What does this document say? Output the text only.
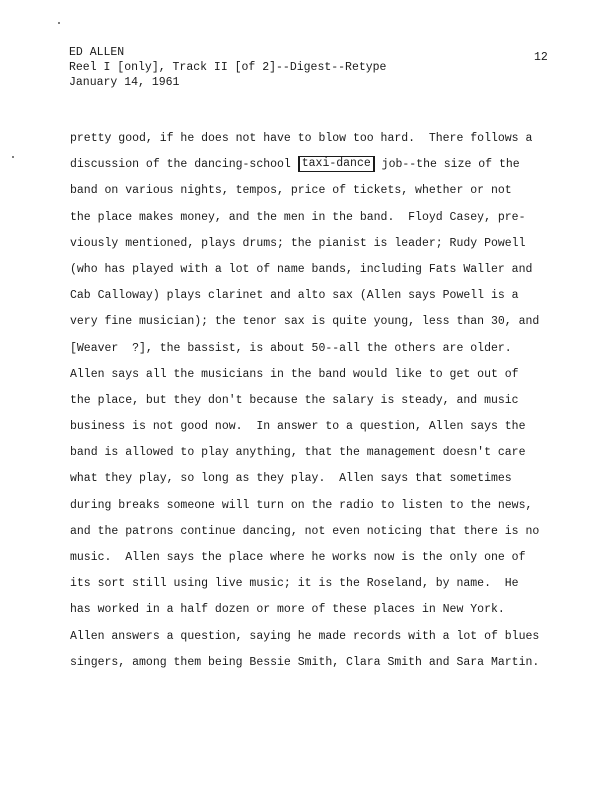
ED ALLEN
Reel I [only], Track II [of 2]--Digest--Retype
January 14, 1961
12
pretty good, if he does not have to blow too hard.  There follows a
discussion of the dancing-school taxi-dance job--the size of the
band on various nights, tempos, price of tickets, whether or not
the place makes money, and the men in the band.  Floyd Casey, pre-
viously mentioned, plays drums; the pianist is leader; Rudy Powell
(who has played with a lot of name bands, including Fats Waller and
Cab Calloway) plays clarinet and alto sax (Allen says Powell is a
very fine musician); the tenor sax is quite young, less than 30, and
[Weaver  ?], the bassist, is about 50--all the others are older.
Allen says all the musicians in the band would like to get out of
the place, but they don't because the salary is steady, and music
business is not good now.  In answer to a question, Allen says the
band is allowed to play anything, that the management doesn't care
what they play, so long as they play.  Allen says that sometimes
during breaks someone will turn on the radio to listen to the news,
and the patrons continue dancing, not even noticing that there is no
music.  Allen says the place where he works now is the only one of
its sort still using live music; it is the Roseland, by name.  He
has worked in a half dozen or more of these places in New York.
Allen answers a question, saying he made records with a lot of blues
singers, among them being Bessie Smith, Clara Smith and Sara Martin.
